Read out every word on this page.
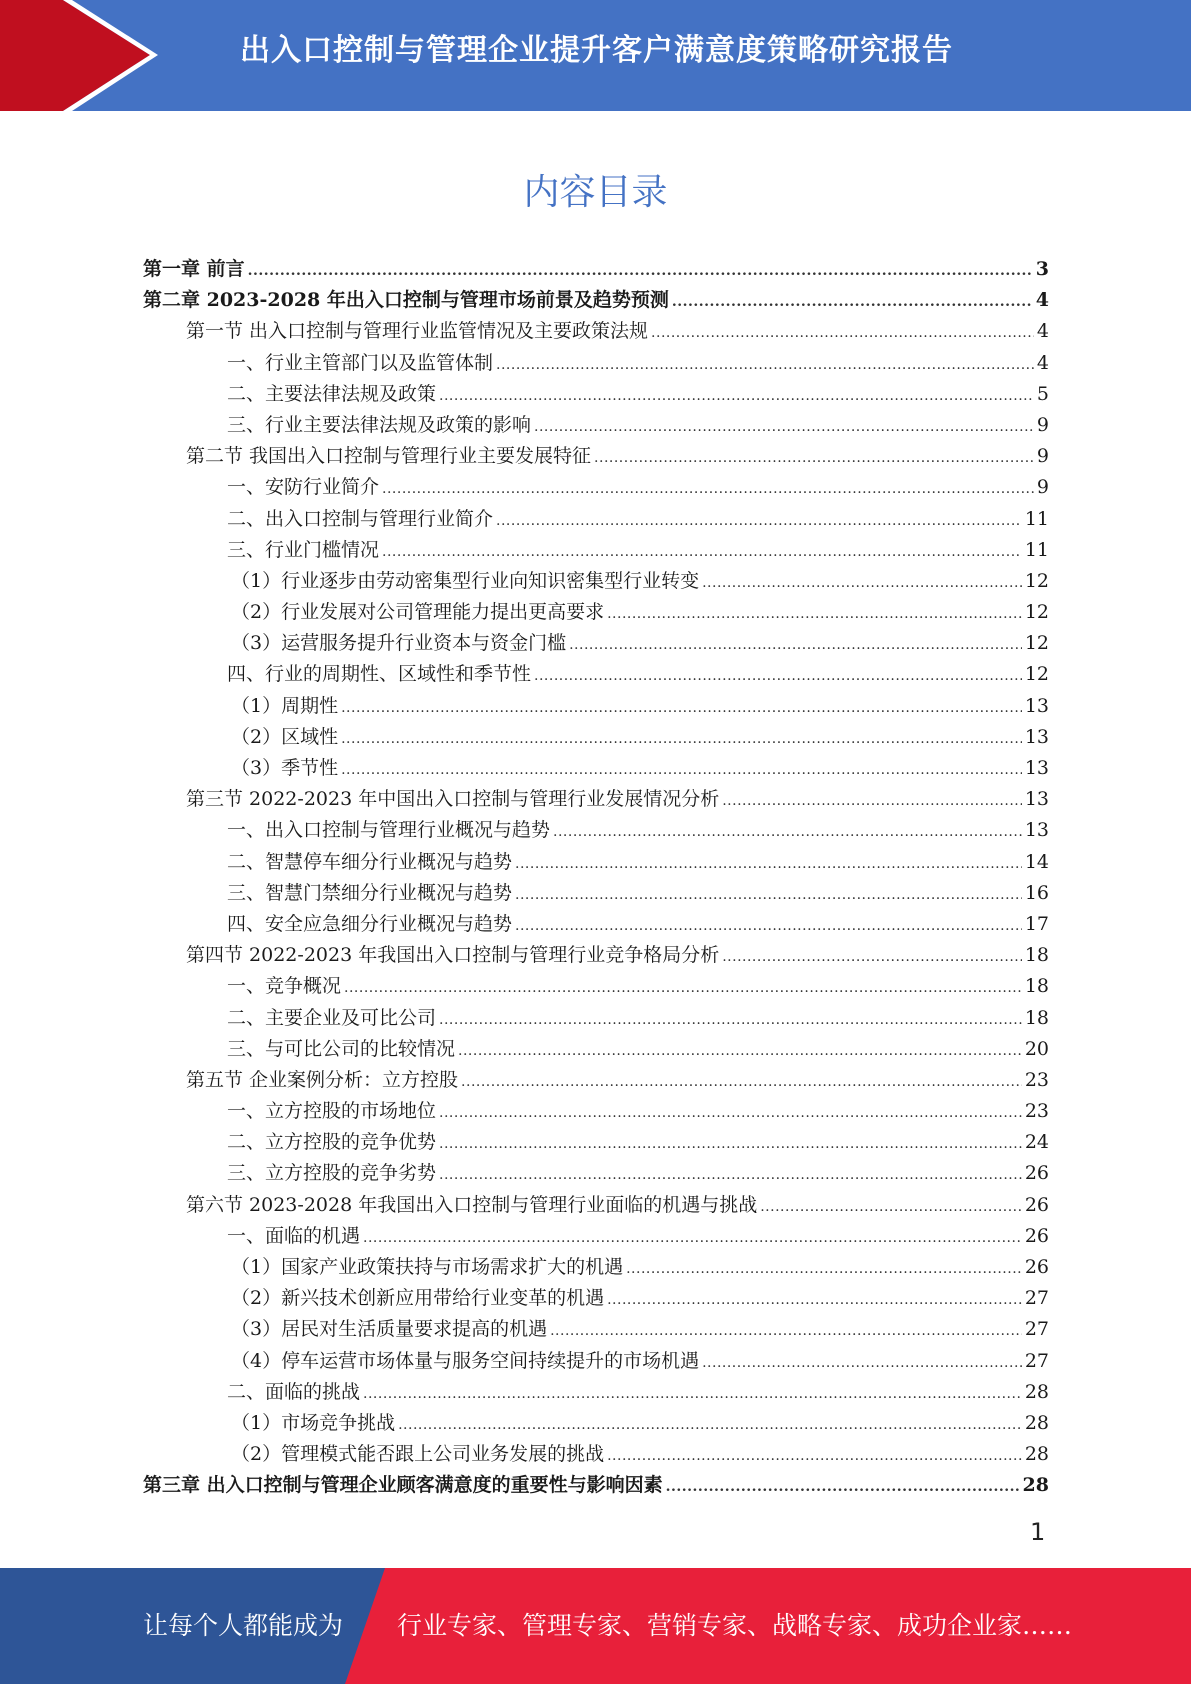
出入口控制与管理企业提升客户满意度策略研究报告
内容目录
第一章 前言 .....	3
第二章 2023-2028 年出入口控制与管理市场前景及趋势预测 .....	4
第一节 出入口控制与管理行业监管情况及主要政策法规 .....	4
一、行业主管部门以及监管体制 .....	4
二、主要法律法规及政策 .....	5
三、行业主要法律法规及政策的影响 .....	9
第二节 我国出入口控制与管理行业主要发展特征 .....	9
一、安防行业简介 .....	9
二、出入口控制与管理行业简介 .....	11
三、行业门槛情况 .....	11
（1）行业逐步由劳动密集型行业向知识密集型行业转变 .....	12
（2）行业发展对公司管理能力提出更高要求 .....	12
（3）运营服务提升行业资本与资金门槛 .....	12
四、行业的周期性、区域性和季节性 .....	12
（1）周期性 .....	13
（2）区域性 .....	13
（3）季节性 .....	13
第三节 2022-2023 年中国出入口控制与管理行业发展情况分析 .....	13
一、出入口控制与管理行业概况与趋势 .....	13
二、智慧停车细分行业概况与趋势 .....	14
三、智慧门禁细分行业概况与趋势 .....	16
四、安全应急细分行业概况与趋势 .....	17
第四节 2022-2023 年我国出入口控制与管理行业竞争格局分析 .....	18
一、竞争概况 .....	18
二、主要企业及可比公司 .....	18
三、与可比公司的比较情况 .....	20
第五节 企业案例分析：立方控股 .....	23
一、立方控股的市场地位 .....	23
二、立方控股的竞争优势 .....	24
三、立方控股的竞争劣势 .....	26
第六节 2023-2028 年我国出入口控制与管理行业面临的机遇与挑战 .....	26
一、面临的机遇 .....	26
（1）国家产业政策扶持与市场需求扩大的机遇 .....	26
（2）新兴技术创新应用带给行业变革的机遇 .....	27
（3）居民对生活质量要求提高的机遇 .....	27
（4）停车运营市场体量与服务空间持续提升的市场机遇 .....	27
二、面临的挑战 .....	28
（1）市场竞争挑战 .....	28
（2）管理模式能否跟上公司业务发展的挑战 .....	28
第三章 出入口控制与管理企业顾客满意度的重要性与影响因素 .....	28
1
让每个人都能成为 行业专家、管理专家、营销专家、战略专家、成功企业家……
